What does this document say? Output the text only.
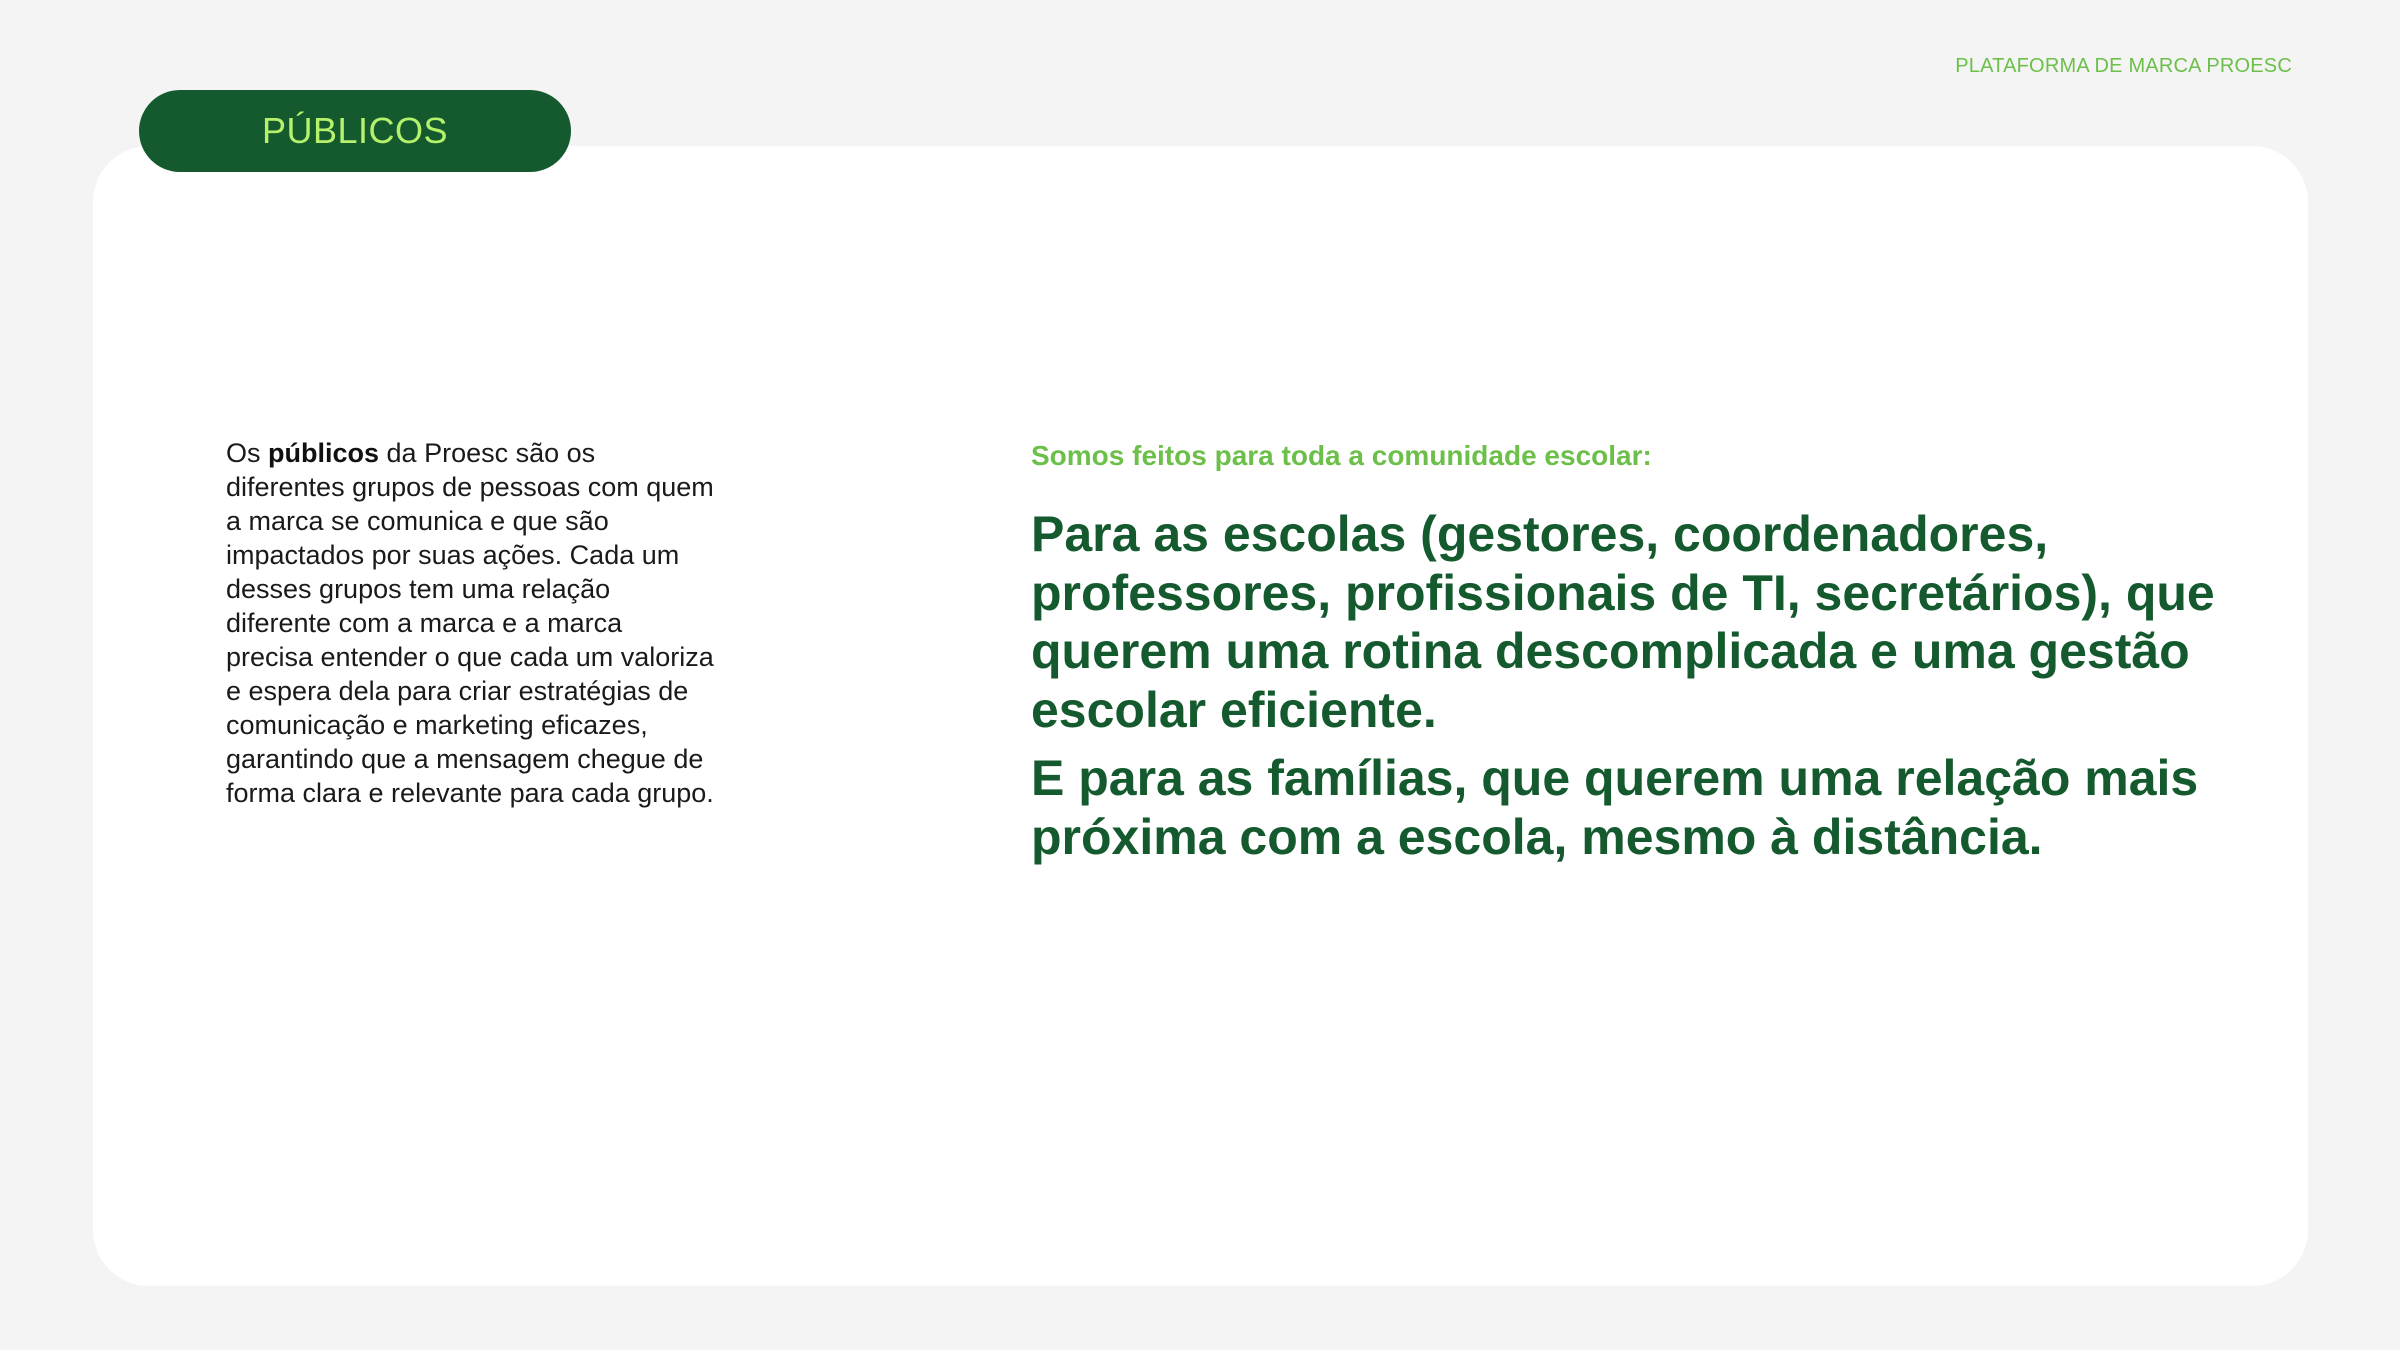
PLATAFORMA DE MARCA PROESC
PÚBLICOS
Os públicos da Proesc são os diferentes grupos de pessoas com quem a marca se comunica e que são impactados por suas ações. Cada um desses grupos tem uma relação diferente com a marca e a marca precisa entender o que cada um valoriza e espera dela para criar estratégias de comunicação e marketing eficazes, garantindo que a mensagem chegue de forma clara e relevante para cada grupo.
Somos feitos para toda a comunidade escolar:

Para as escolas (gestores, coordenadores, professores, profissionais de TI, secretários), que querem uma rotina descomplicada e uma gestão escolar eficiente.

E para as famílias, que querem uma relação mais próxima com a escola, mesmo à distância.
